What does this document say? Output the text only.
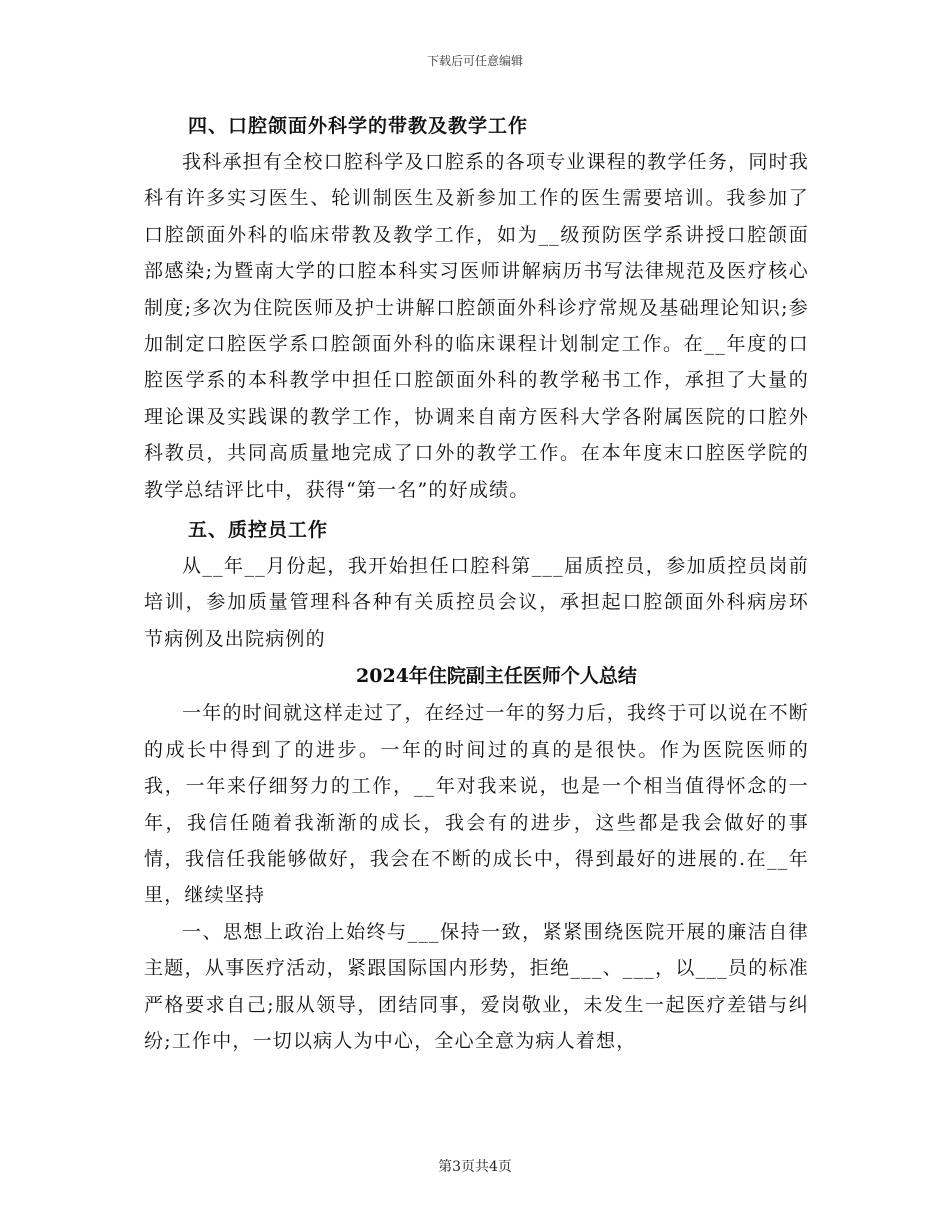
下载后可任意编辑

四、口腔颌面外科学的带教及教学工作

我科承担有全校口腔科学及口腔系的各项专业课程的教学任务，同时我科有许多实习医生、轮训制医生及新参加工作的医生需要培训。我参加了口腔颌面外科的临床带教及教学工作，如为__级预防医学系讲授口腔颌面部感染;为暨南大学的口腔本科实习医师讲解病历书写法律规范及医疗核心制度;多次为住院医师及护士讲解口腔颌面外科诊疗常规及基础理论知识;参加制定口腔医学系口腔颌面外科的临床课程计划制定工作。在__年度的口腔医学系的本科教学中担任口腔颌面外科的教学秘书工作，承担了大量的理论课及实践课的教学工作，协调来自南方医科大学各附属医院的口腔外科教员，共同高质量地完成了口外的教学工作。在本年度末口腔医学院的教学总结评比中，获得“第一名”的好成绩。

五、质控员工作

从__年__月份起，我开始担任口腔科第___届质控员，参加质控员岗前培训，参加质量管理科各种有关质控员会议，承担起口腔颌面外科病房环节病例及出院病例的

2024年住院副主任医师个人总结

一年的时间就这样走过了，在经过一年的努力后，我终于可以说在不断的成长中得到了的进步。一年的时间过的真的是很快。作为医院医师的我，一年来仔细努力的工作，__年对我来说，也是一个相当值得怀念的一年，我信任随着我渐渐的成长，我会有的进步，这些都是我会做好的事情，我信任我能够做好，我会在不断的成长中，得到最好的进展的.在__年里，继续坚持

一、思想上政治上始终与___保持一致，紧紧围绕医院开展的廉洁自律主题，从事医疗活动，紧跟国际国内形势，拒绝___、___，以___员的标准严格要求自己;服从领导，团结同事，爱岗敬业，未发生一起医疗差错与纠纷;工作中，一切以病人为中心，全心全意为病人着想，

第3页共4页
